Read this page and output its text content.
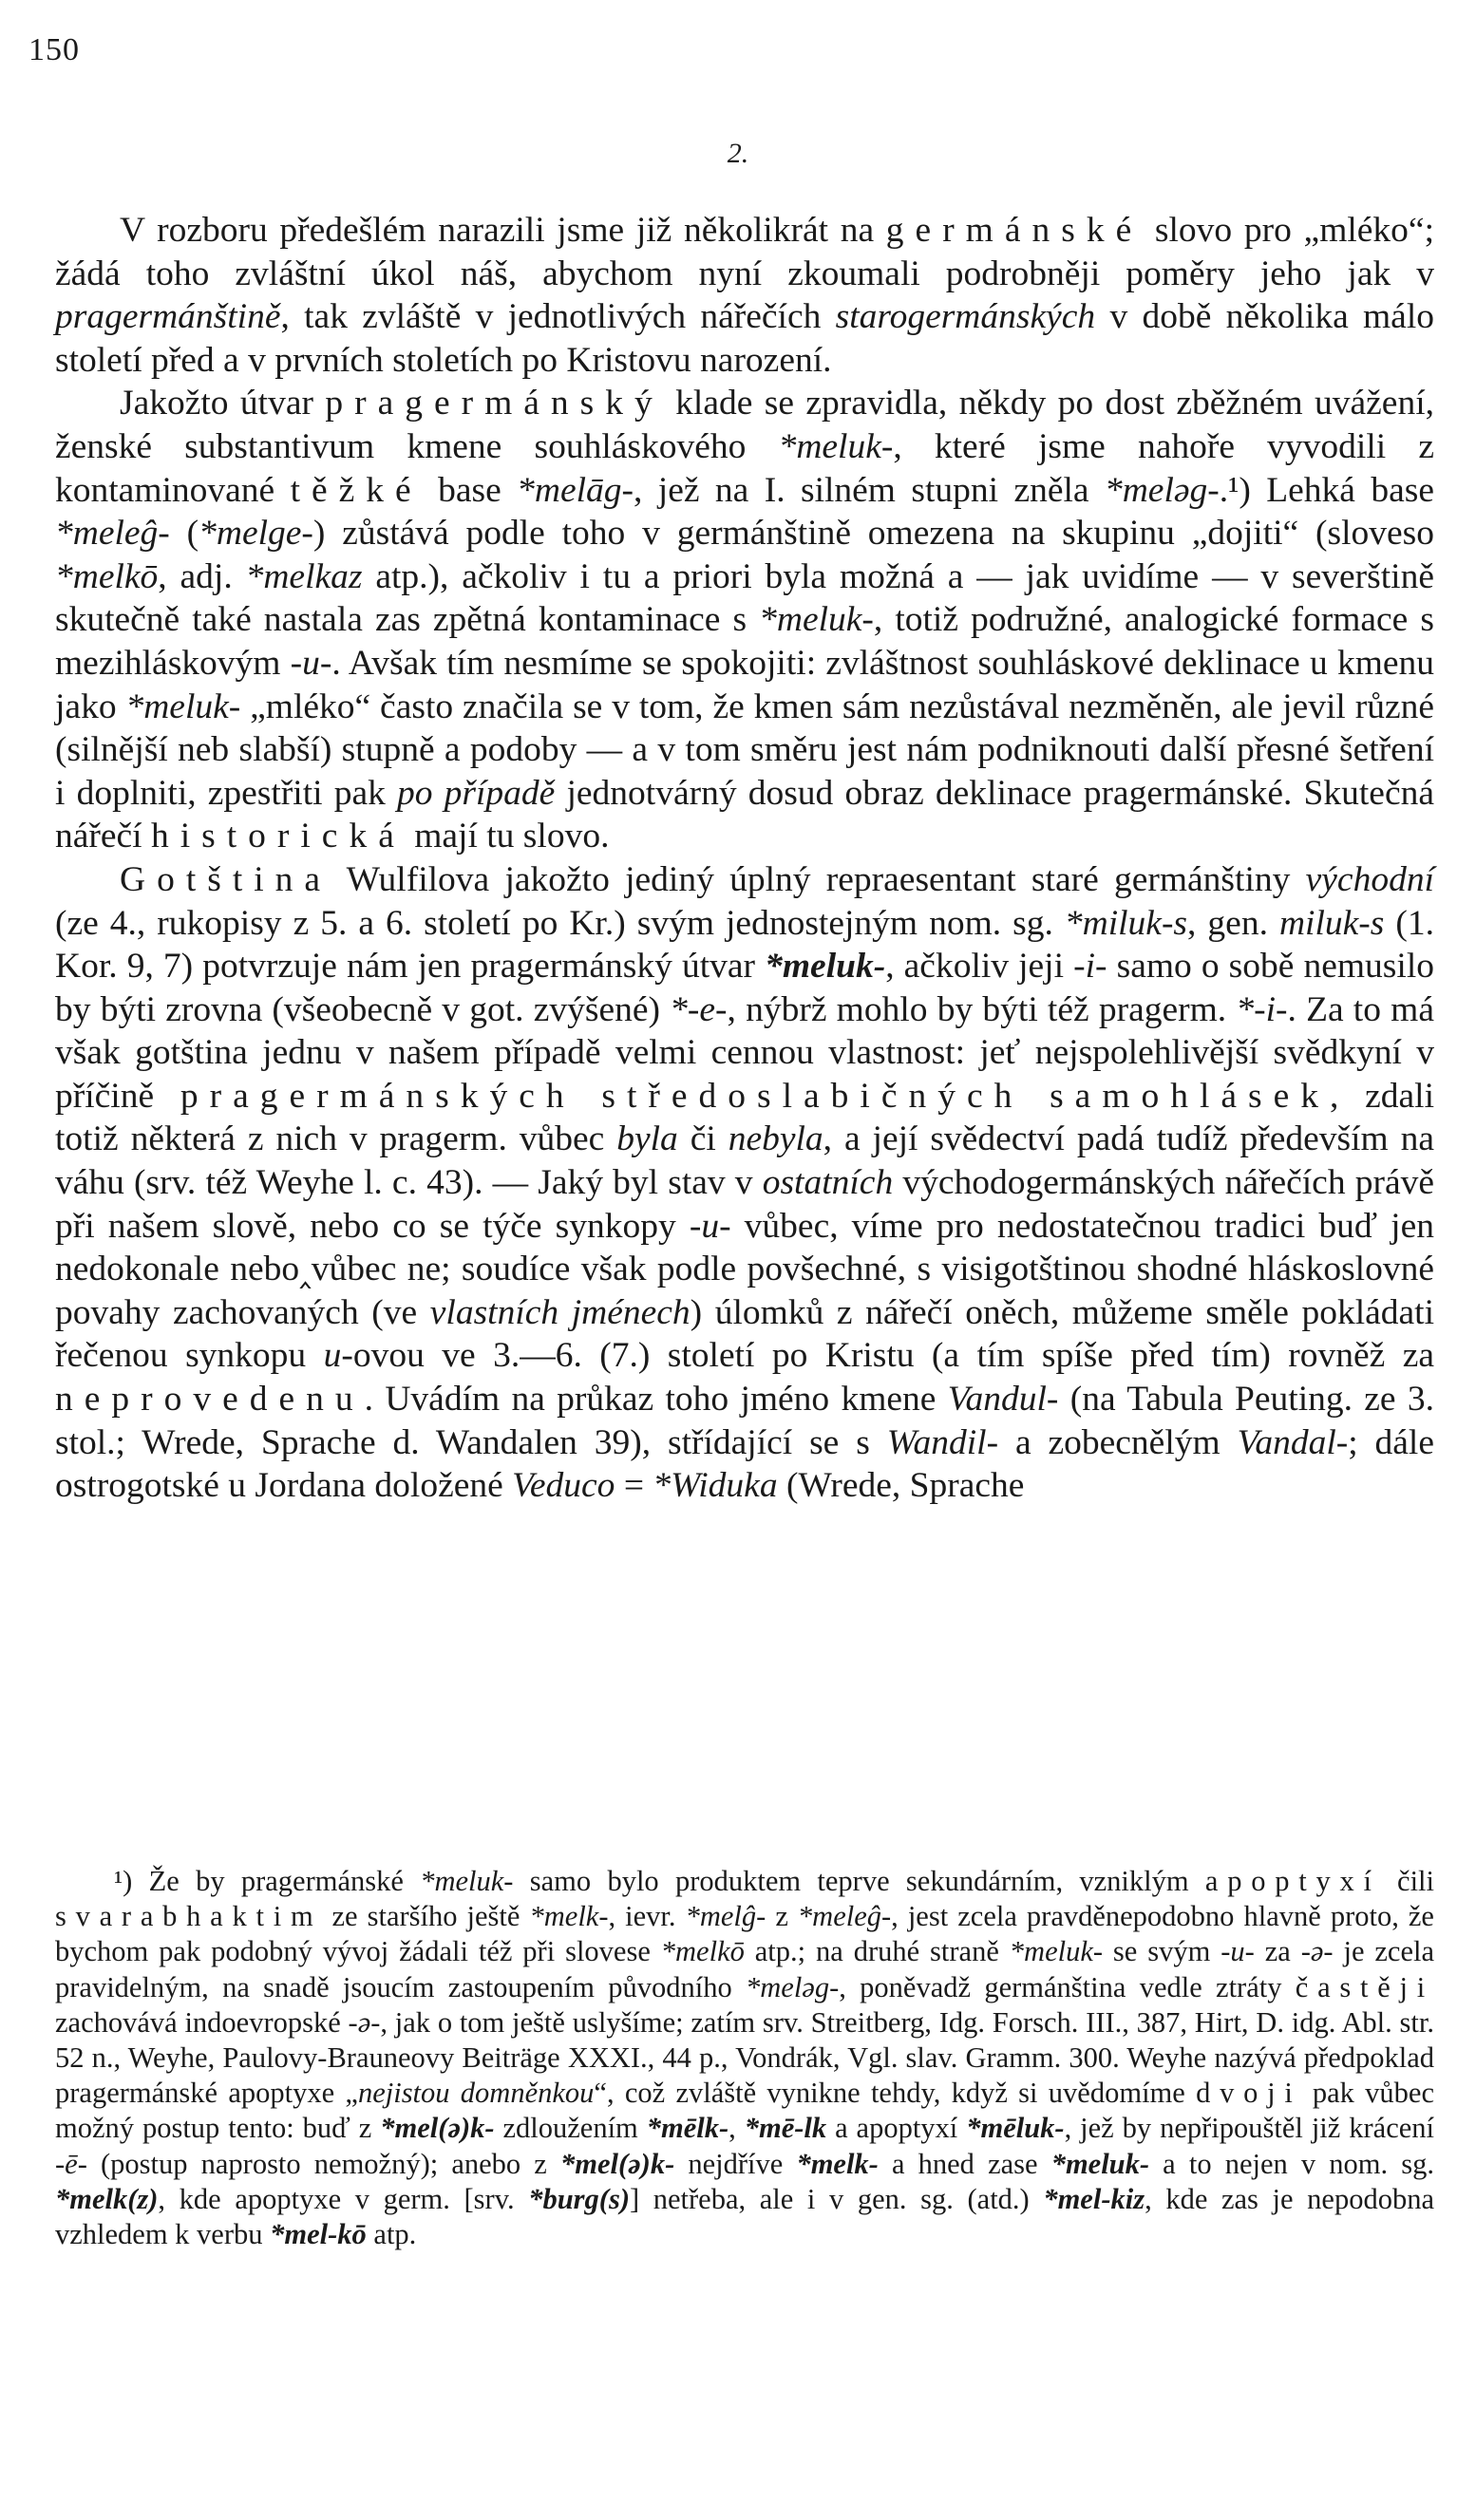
150
2.

V rozboru předešlém narazili jsme již několikrát na germánské slovo pro „mléko“; žádá toho zvláštní úkol náš, abychom nyní zkoumali podrobněji poměry jeho jak v pragermánštině, tak zvláště v jednotlivých nářečích starogermánských v době několika málo století před a v prvních stoletích po Kristovu narození.

Jakožto útvar pragermánský klade se zpravidla, někdy po dost zběžném uvážení, ženské substantivum kmene souhláskového *meluk-, které jsme nahoře vyvodili z kontaminované těžké base *melāg-, jež na I. silném stupni zněla *meləg-.¹) Lehká base *meleĝ- (*melge-) zůstává podle toho v germánštině omezena na skupinu „dojiti“ (sloveso *melkō, adj. *melkaz atp.), ačkoliv i tu a priori byla možná a — jak uvidíme — v severštině skutečně také nastala zas zpětná kontaminace s *meluk-, totiž podružné, analogické formace s mezihláskovým -u-. Avšak tím nesmíme se spokojiti: zvláštnost souhláskové deklinace u kmenu jako *meluk- „mléko“ často značila se v tom, že kmen sám nezůstával nezměněn, ale jevil různé (silnější neb slabší) stupně a podoby — a v tom směru jest nám podniknouti další přesné šetření i doplniti, zpestřiti pak po případě jednotvárný dosud obraz deklinace pragermánské. Skutečná nářečí historická mají tu slovo.

Gotština Wulfilova jakožto jediný úplný repraesentant staré germánštiny východní (ze 4., rukopisy z 5. a 6. století po Kr.) svým jednostejným nom. sg. *miluk-s, gen. miluk-s (1. Kor. 9, 7) potvrzuje nám jen pragermánský útvar *meluk-, ačkoliv jeji -i- samo o sobě nemusilo by býti zrovna (všeobecně v got. zvýšené) *-e-, nýbrž mohlo by býti též pragerm. *-i-. Za to má však gotština jednu v našem případě velmi cennou vlastnost: jeť nejspolehlivější svědkyní v příčině pragermánských středoslabičných samohlásek, zdali totiž některá z nich v pragerm. vůbec byla či nebyla, a její svědectví padá tudíž především na váhu (srv. též Weyhe l. c. 43). — Jaký byl stav v ostatních východogermánských nářečích právě při našem slově, nebo co se týče synkopy -u- vůbec, víme pro nedostatečnou tradici buď jen nedokonale nebo‸vůbec ne; soudíce však podle povšechné, s visigotštinou shodné hláskoslovné povahy zachovaných (ve vlastních jménech) úlomků z nářečí oněch, můžeme směle pokládati řečenou synkopu u-ovou ve 3.—6. (7.) století po Kristu (a tím spíše před tím) rovněž za neprovedenu. Uvádím na průkaz toho jméno kmene Vandul- (na Tabula Peuting. ze 3. stol.; Wrede, Sprache d. Wandalen 39), střídající se s Wandil- a zobecnělým Vandal-; dále ostrogotské u Jordana doložené Veduco = *Widuka (Wrede, Sprache

¹) Že by pragermánské *meluk- samo bylo produktem teprve sekundárním, vzniklým apoptyxí čili svarabhaktim ze staršího ještě *melk-, ievr. *melĝ- z *meleĝ-, jest zcela pravděnepodobno hlavně proto, že bychom pak podobný vývoj žádali též při slovese *melkō atp.; na druhé straně *meluk- se svým -u- za -ə- je zcela pravidelným, na snadě jsoucím zastoupením původního *meləg-, poněvadž germánština vedle ztráty častěji zachovává indoevropské -ə-, jak o tom ještě uslyšíme; zatím srv. Streitberg, Idg. Forsch. III., 387, Hirt, D. idg. Abl. str. 52 n., Weyhe, Paulovy-Brauneovy Beiträge XXXI., 44 p., Vondrák, Vgl. slav. Gramm. 300. Weyhe nazývá předpoklad pragermánské apoptyxe „nejistou domněnkou“, což zvláště vynikne tehdy, když si uvědomíme dvoji pak vůbec možný postup tento: buď z *mel(ə)k- zdloužením *mēlk-, *mē-lk a apoptyxí *mēluk-, jež by nepřipouštěl již krácení -ē- (postup naprosto nemožný); anebo z *mel(ə)k- nejdříve *melk- a hned zase *meluk- a to nejen v nom. sg. *melk(z), kde apoptyxe v germ. [srv. *burg(s)] netřeba, ale i v gen. sg. (atd.) *mel-kiz, kde zas je nepodobna vzhledem k verbu *mel-kō atp.
